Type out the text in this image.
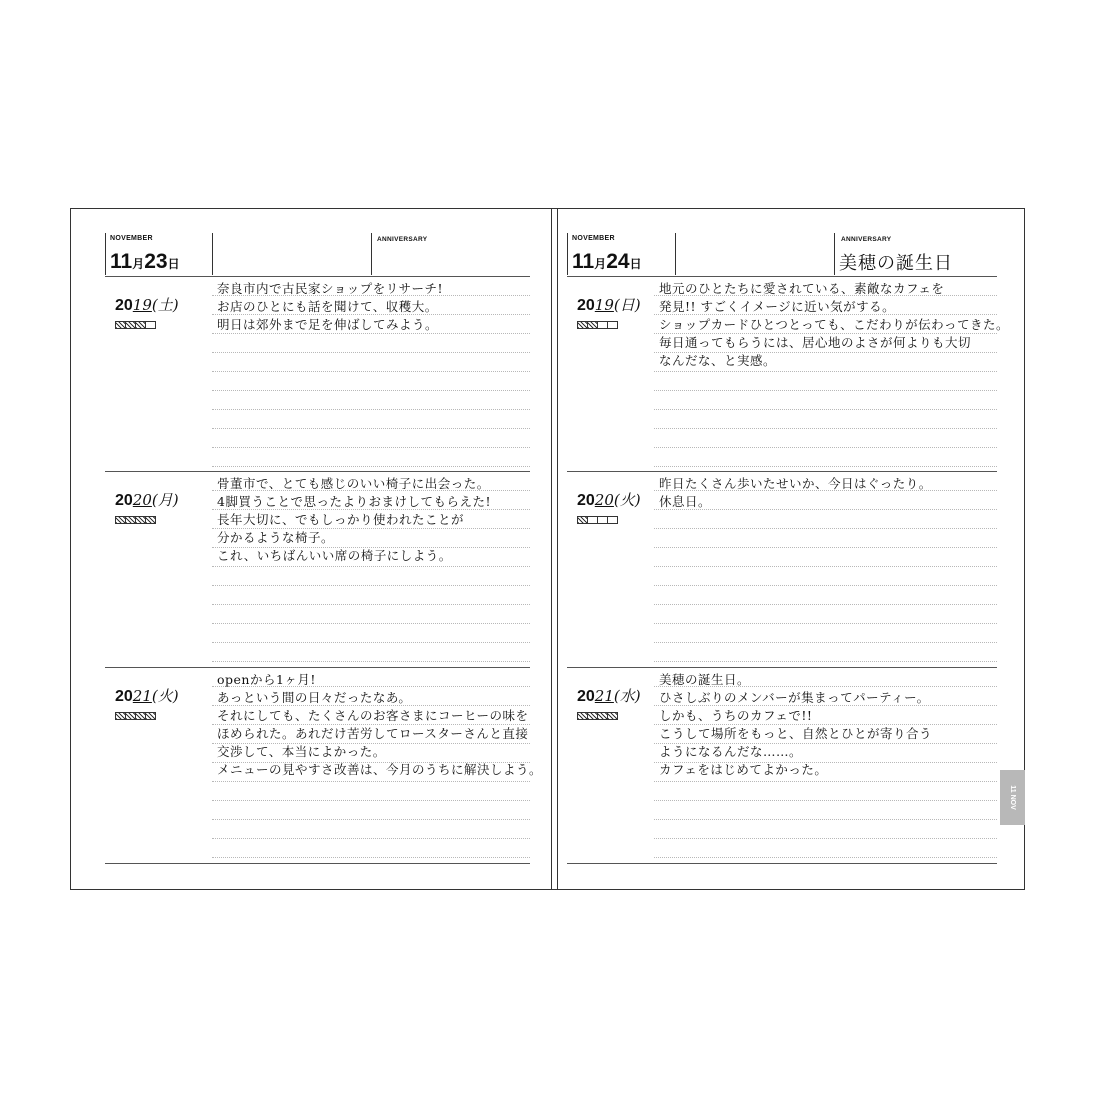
NOVEMBER
11月23日
ANNIVERSARY
2019(土)
奈良市内で古民家ショップをリサーチ!
お店のひとにも話を聞けて、収穫大。
明日は郊外まで足を伸ばしてみよう。
2020(月)
骨董市で、とても感じのいい椅子に出会った。
4脚買うことで思ったよりおまけしてもらえた!
長年大切に、でもしっかり使われたことが
分かるような椅子。
これ、いちばんいい席の椅子にしよう。
2021(火)
openから1ヶ月!
あっという間の日々だったなあ。
それにしても、たくさんのお客さまにコーヒーの味を
ほめられた。あれだけ苦労してロースターさんと直接
交渉して、本当によかった。
メニューの見やすさ改善は、今月のうちに解決しよう。
NOVEMBER
11月24日
ANNIVERSARY
美穂の誕生日
2019(日)
地元のひとたちに愛されている、素敵なカフェを
発見!! すごくイメージに近い気がする。
ショップカードひとつとっても、こだわりが伝わってきた。
毎日通ってもらうには、居心地のよさが何よりも大切
なんだな、と実感。
2020(火)
昨日たくさん歩いたせいか、今日はぐったり。
休息日。
2021(水)
美穂の誕生日。
ひさしぶりのメンバーが集まってパーティー。
しかも、うちのカフェで!!
こうして場所をもっと、自然とひとが寄り合う
ようになるんだな……。
カフェをはじめてよかった。
11 NOV
